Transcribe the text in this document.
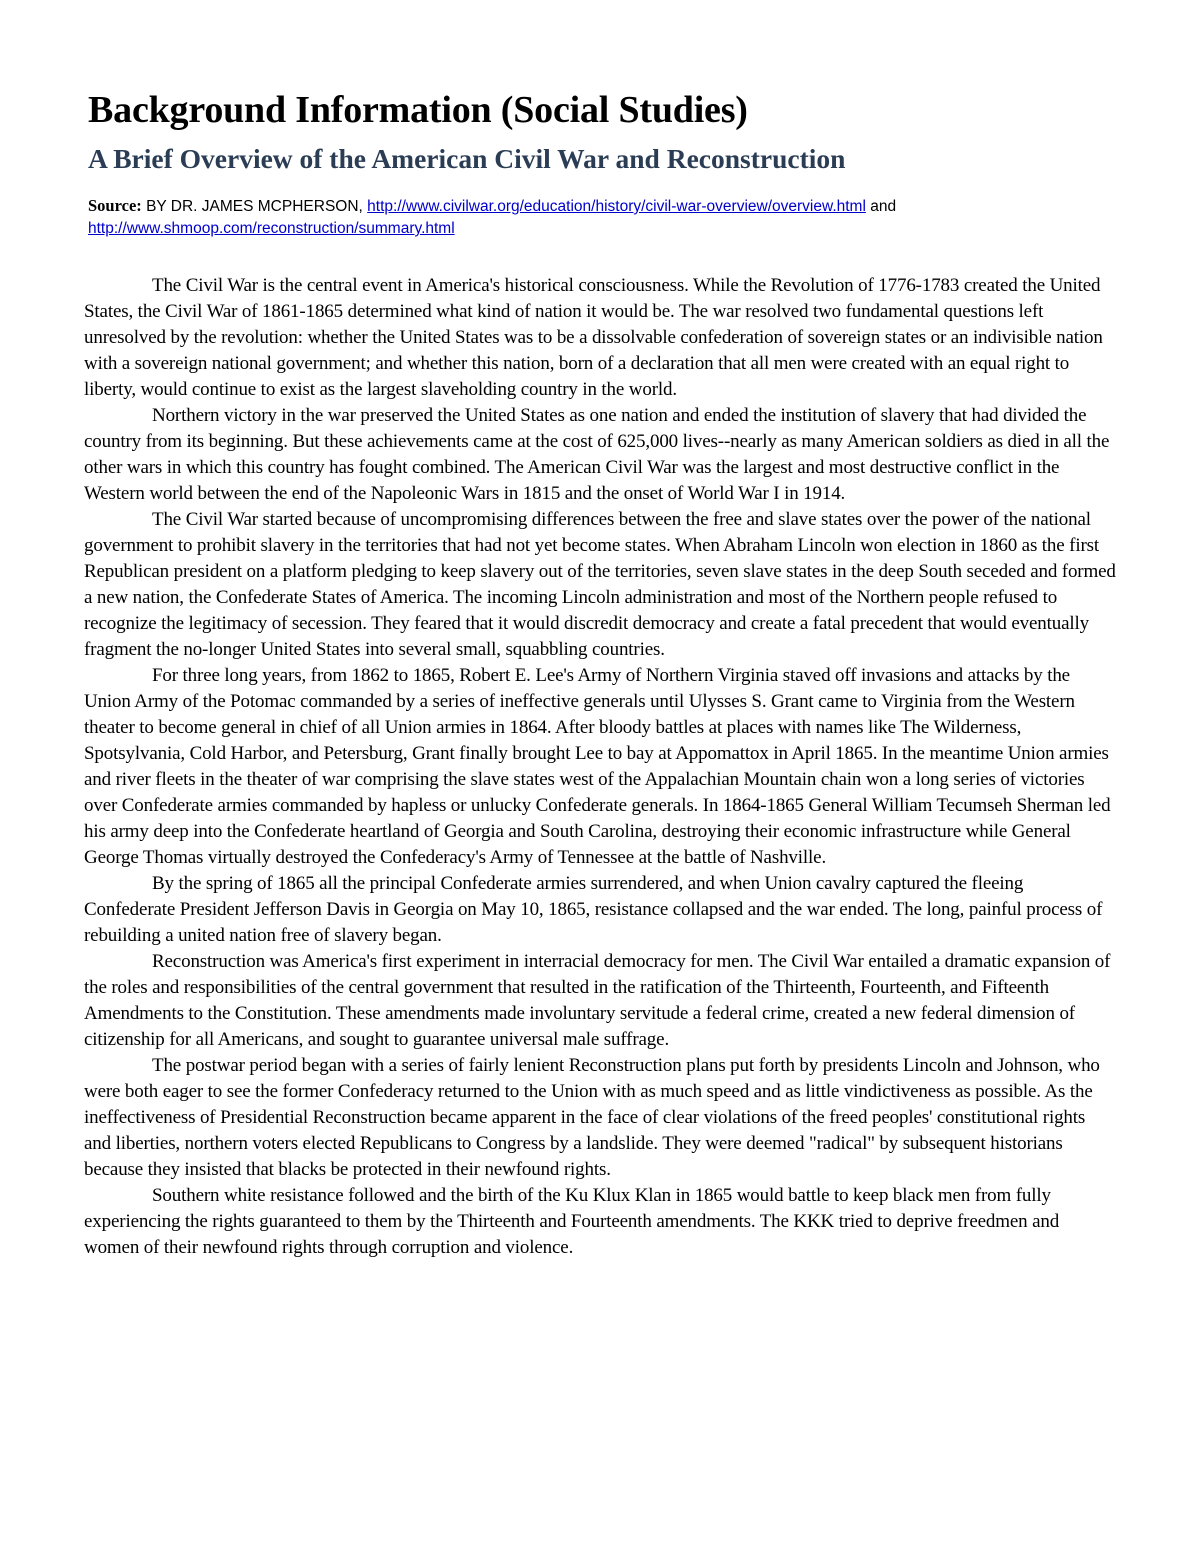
Background Information (Social Studies)
A Brief Overview of the American Civil War and Reconstruction
Source: BY DR. JAMES MCPHERSON, http://www.civilwar.org/education/history/civil-war-overview/overview.html and http://www.shmoop.com/reconstruction/summary.html

The Civil War is the central event in America's historical consciousness. While the Revolution of 1776-1783 created the United States, the Civil War of 1861-1865 determined what kind of nation it would be. The war resolved two fundamental questions left unresolved by the revolution: whether the United States was to be a dissolvable confederation of sovereign states or an indivisible nation with a sovereign national government; and whether this nation, born of a declaration that all men were created with an equal right to liberty, would continue to exist as the largest slaveholding country in the world.

Northern victory in the war preserved the United States as one nation and ended the institution of slavery that had divided the country from its beginning. But these achievements came at the cost of 625,000 lives--nearly as many American soldiers as died in all the other wars in which this country has fought combined. The American Civil War was the largest and most destructive conflict in the Western world between the end of the Napoleonic Wars in 1815 and the onset of World War I in 1914.

The Civil War started because of uncompromising differences between the free and slave states over the power of the national government to prohibit slavery in the territories that had not yet become states. When Abraham Lincoln won election in 1860 as the first Republican president on a platform pledging to keep slavery out of the territories, seven slave states in the deep South seceded and formed a new nation, the Confederate States of America. The incoming Lincoln administration and most of the Northern people refused to recognize the legitimacy of secession. They feared that it would discredit democracy and create a fatal precedent that would eventually fragment the no-longer United States into several small, squabbling countries.

For three long years, from 1862 to 1865, Robert E. Lee's Army of Northern Virginia staved off invasions and attacks by the Union Army of the Potomac commanded by a series of ineffective generals until Ulysses S. Grant came to Virginia from the Western theater to become general in chief of all Union armies in 1864. After bloody battles at places with names like The Wilderness, Spotsylvania, Cold Harbor, and Petersburg, Grant finally brought Lee to bay at Appomattox in April 1865. In the meantime Union armies and river fleets in the theater of war comprising the slave states west of the Appalachian Mountain chain won a long series of victories over Confederate armies commanded by hapless or unlucky Confederate generals. In 1864-1865 General William Tecumseh Sherman led his army deep into the Confederate heartland of Georgia and South Carolina, destroying their economic infrastructure while General George Thomas virtually destroyed the Confederacy's Army of Tennessee at the battle of Nashville.

By the spring of 1865 all the principal Confederate armies surrendered, and when Union cavalry captured the fleeing Confederate President Jefferson Davis in Georgia on May 10, 1865, resistance collapsed and the war ended. The long, painful process of rebuilding a united nation free of slavery began.

Reconstruction was America's first experiment in interracial democracy for men. The Civil War entailed a dramatic expansion of the roles and responsibilities of the central government that resulted in the ratification of the Thirteenth, Fourteenth, and Fifteenth Amendments to the Constitution. These amendments made involuntary servitude a federal crime, created a new federal dimension of citizenship for all Americans, and sought to guarantee universal male suffrage.

The postwar period began with a series of fairly lenient Reconstruction plans put forth by presidents Lincoln and Johnson, who were both eager to see the former Confederacy returned to the Union with as much speed and as little vindictiveness as possible. As the ineffectiveness of Presidential Reconstruction became apparent in the face of clear violations of the freed peoples' constitutional rights and liberties, northern voters elected Republicans to Congress by a landslide. They were deemed "radical" by subsequent historians because they insisted that blacks be protected in their newfound rights.

Southern white resistance followed and the birth of the Ku Klux Klan in 1865 would battle to keep black men from fully experiencing the rights guaranteed to them by the Thirteenth and Fourteenth amendments. The KKK tried to deprive freedmen and women of their newfound rights through corruption and violence.
